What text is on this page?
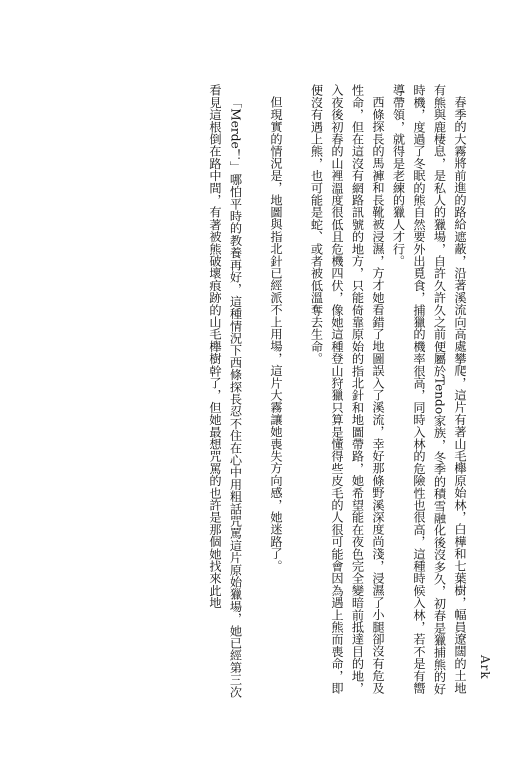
Ark

春季的大霧將前進的路給遮蔽，沿著溪流向高處攀爬，這片有著山毛櫸原始林，白樺和七葉樹，幅員遼闊的土地有熊與鹿棲息，是私人的獵場，自許久許久之前便屬於Tendo家族，冬季的積雪融化後沒多久，初春是獵捕熊的好時機，度過了冬眠的熊自然要外出覓食，捕獵的機率很高，同時入林的危險性也很高，這種時候入林，若不是有嚮導帶領，就得是老練的獵人才行。

西條探長的馬褲和長靴被浸濕，方才她看錯了地圖誤入了溪流，幸好那條野溪深度尚淺，浸濕了小腿卻沒有危及性命，但在這沒有網路訊號的地方，只能倚靠原始的指北針和地圖帶路，她希望能在夜色完全變暗前抵達目的地，入夜後初春的山裡溫度很低且危機四伏，像她這種登山狩獵只算是懂得些皮毛的人很可能會因為遇上熊而喪命，即便沒有遇上熊，也可能是蛇、或者被低溫奪去生命。

但現實的情況是，地圖與指北針已經派不上用場，這片大霧讓她喪失方向感，她迷路了。

「Merde！」哪怕平時的教養再好，這種情況下西條探長忍不住在心中用粗話咒罵這片原始獵場，她已經第三次看見這根倒在路中間，有著被熊破壞痕跡的山毛櫸樹幹了，但她最想咒罵的也許是那個她找來此地
